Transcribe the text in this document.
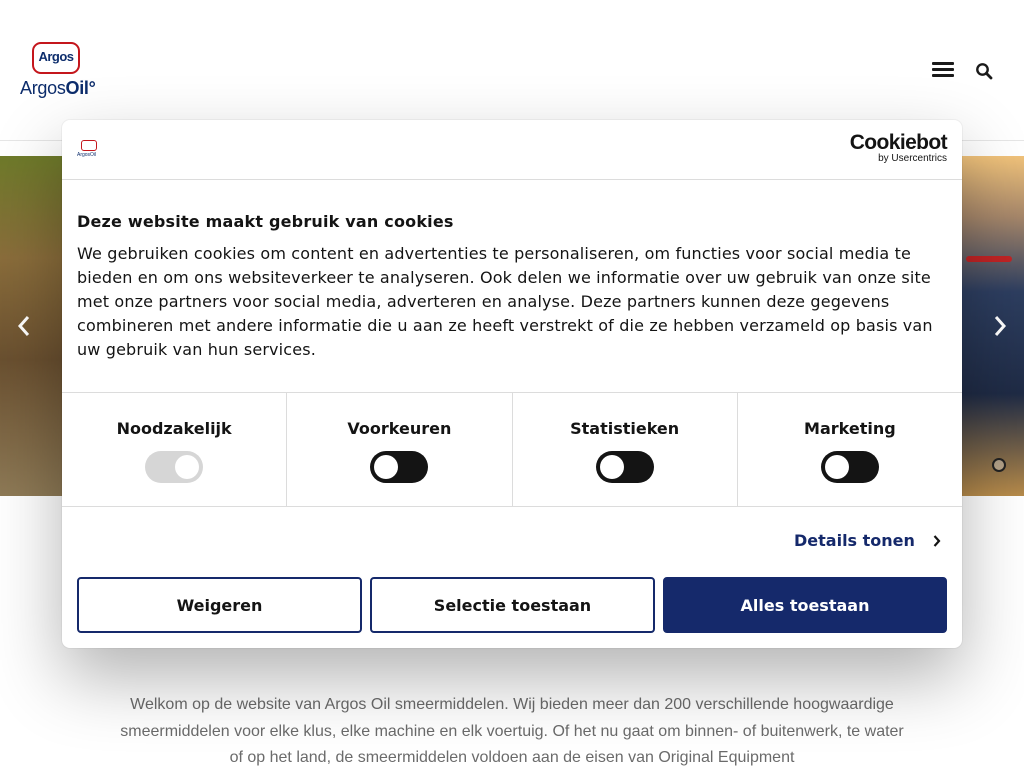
Argos
ArgosOil°
Welkom op de website van Argos Oil smeermiddelen. Wij bieden meer dan 200 verschillende hoogwaardige smeermiddelen voor elke klus, elke machine en elk voertuig. Of het nu gaat om binnen- of buitenwerk, te water of op het land, de smeermiddelen voldoen aan de eisen van Original Equipment
ArgosOil
Cookiebot
by Usercentrics
Deze website maakt gebruik van cookies
We gebruiken cookies om content en advertenties te personaliseren, om functies voor social media te bieden en om ons websiteverkeer te analyseren. Ook delen we informatie over uw gebruik van onze site met onze partners voor social media, adverteren en analyse. Deze partners kunnen deze gegevens combineren met andere informatie die u aan ze heeft verstrekt of die ze hebben verzameld op basis van uw gebruik van hun services.
Noodzakelijk	Voorkeuren	Statistieken	Marketing
Details tonen
Weigeren	Selectie toestaan	Alles toestaan
